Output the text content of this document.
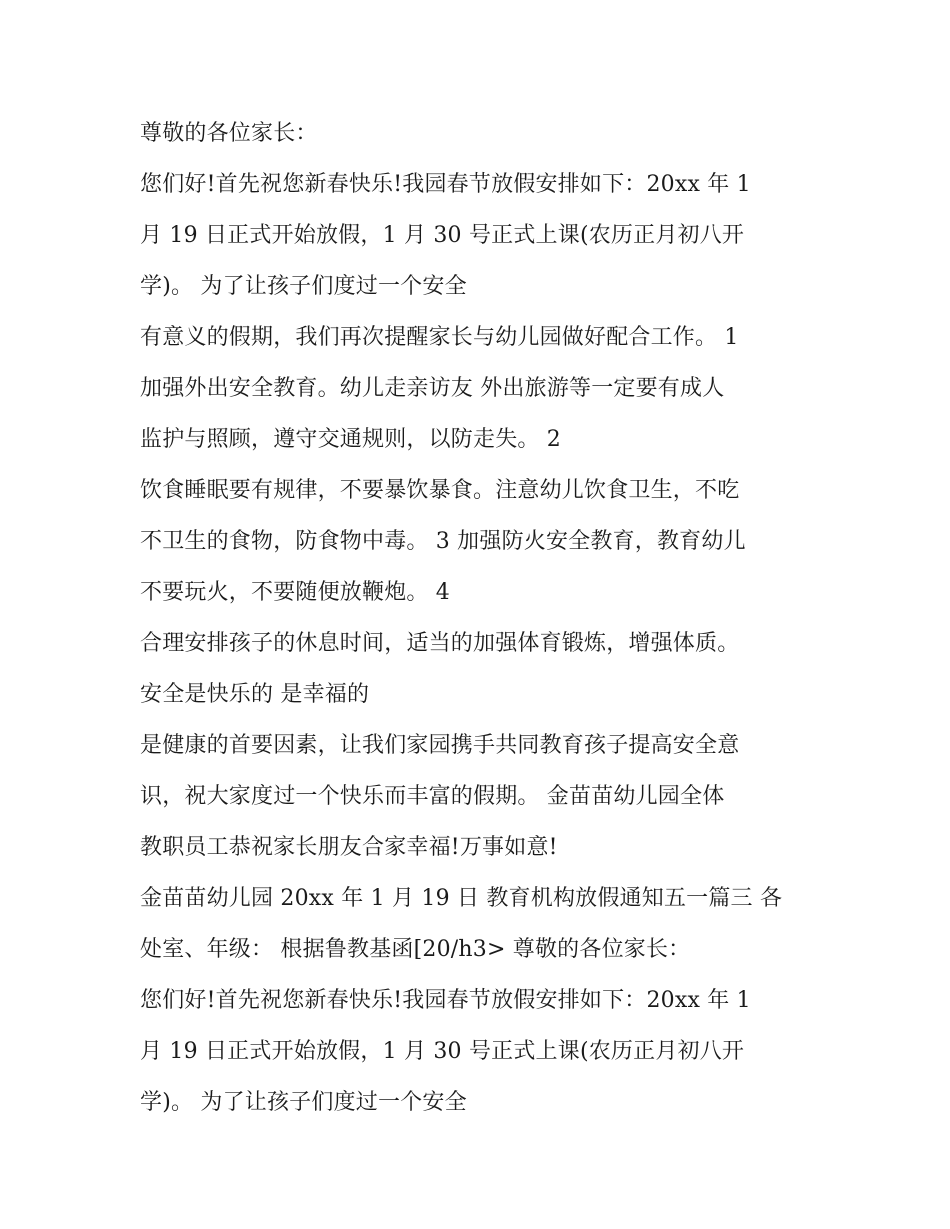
尊敬的各位家长：
您们好!首先祝您新春快乐!我园春节放假安排如下：20xx 年 1
月 19 日正式开始放假，1 月 30 号正式上课(农历正月初八开
学)。 为了让孩子们度过一个安全
有意义的假期，我们再次提醒家长与幼儿园做好配合工作。 1
加强外出安全教育。幼儿走亲访友 外出旅游等一定要有成人
监护与照顾，遵守交通规则，以防走失。 2
饮食睡眠要有规律，不要暴饮暴食。注意幼儿饮食卫生，不吃
不卫生的食物，防食物中毒。 3 加强防火安全教育，教育幼儿
不要玩火，不要随便放鞭炮。 4
合理安排孩子的休息时间，适当的加强体育锻炼，增强体质。
安全是快乐的 是幸福的
是健康的首要因素，让我们家园携手共同教育孩子提高安全意
识，祝大家度过一个快乐而丰富的假期。 金苗苗幼儿园全体
教职员工恭祝家长朋友合家幸福!万事如意!
金苗苗幼儿园 20xx 年 1 月 19 日 教育机构放假通知五一篇三 各
处室、年级： 根据鲁教基函[20/h3> 尊敬的各位家长：
您们好!首先祝您新春快乐!我园春节放假安排如下：20xx 年 1
月 19 日正式开始放假，1 月 30 号正式上课(农历正月初八开
学)。 为了让孩子们度过一个安全
